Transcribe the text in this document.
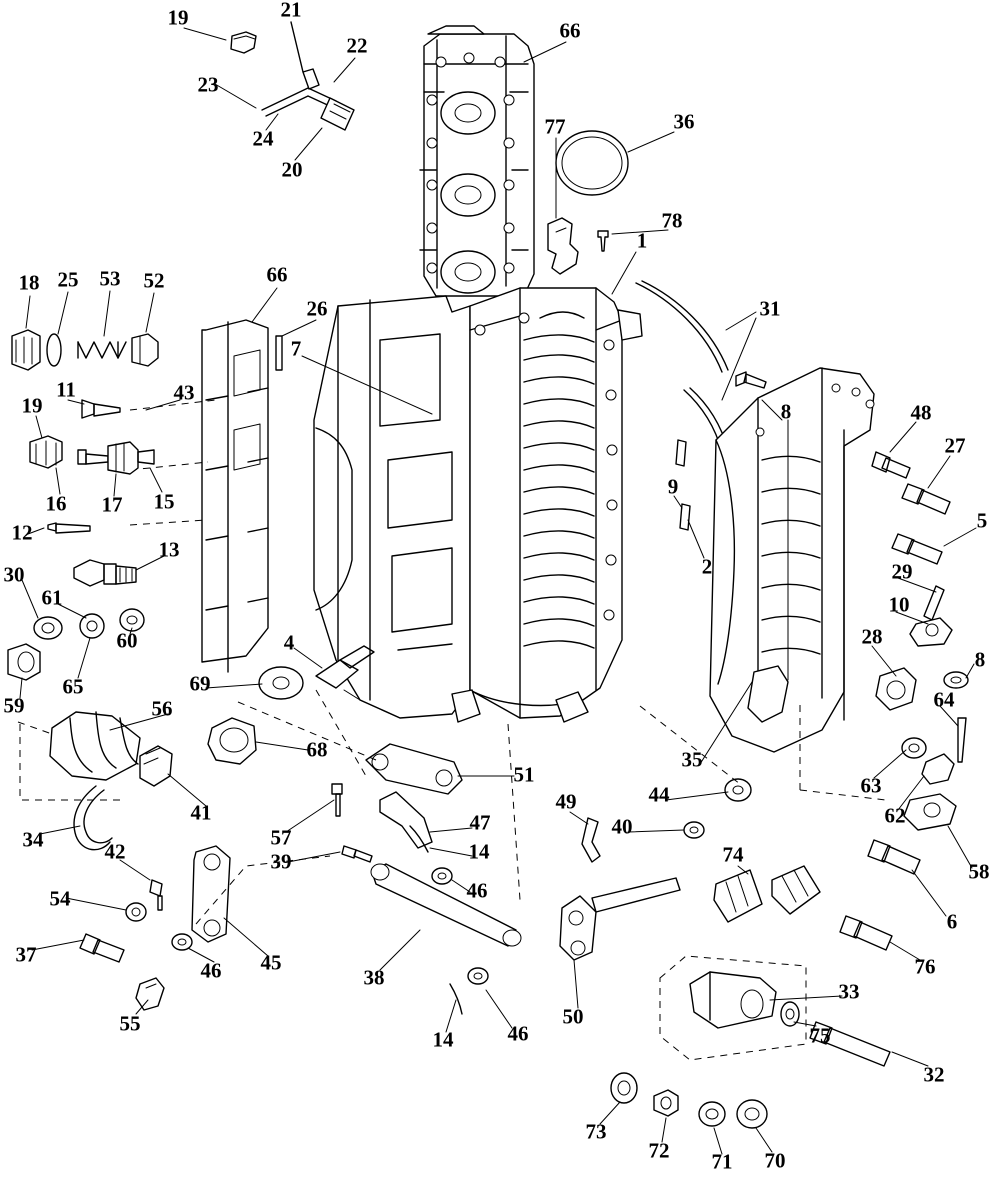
19	21
22
23
24
20
66
77	36
78
1
31
18 25 53 52	66
26
7
11	43
19	8	48
27
16 17 15
9
5
12
13
29
2
30
61	10
28
60
65
59
4
8
69
64
56
68	35
63
41
51
44
62
34	57
47
49
40
74
58
42	39	14
46
6
54
37	45
38
46	76
55	50
14	46
33
75
32
73
72 71 70
